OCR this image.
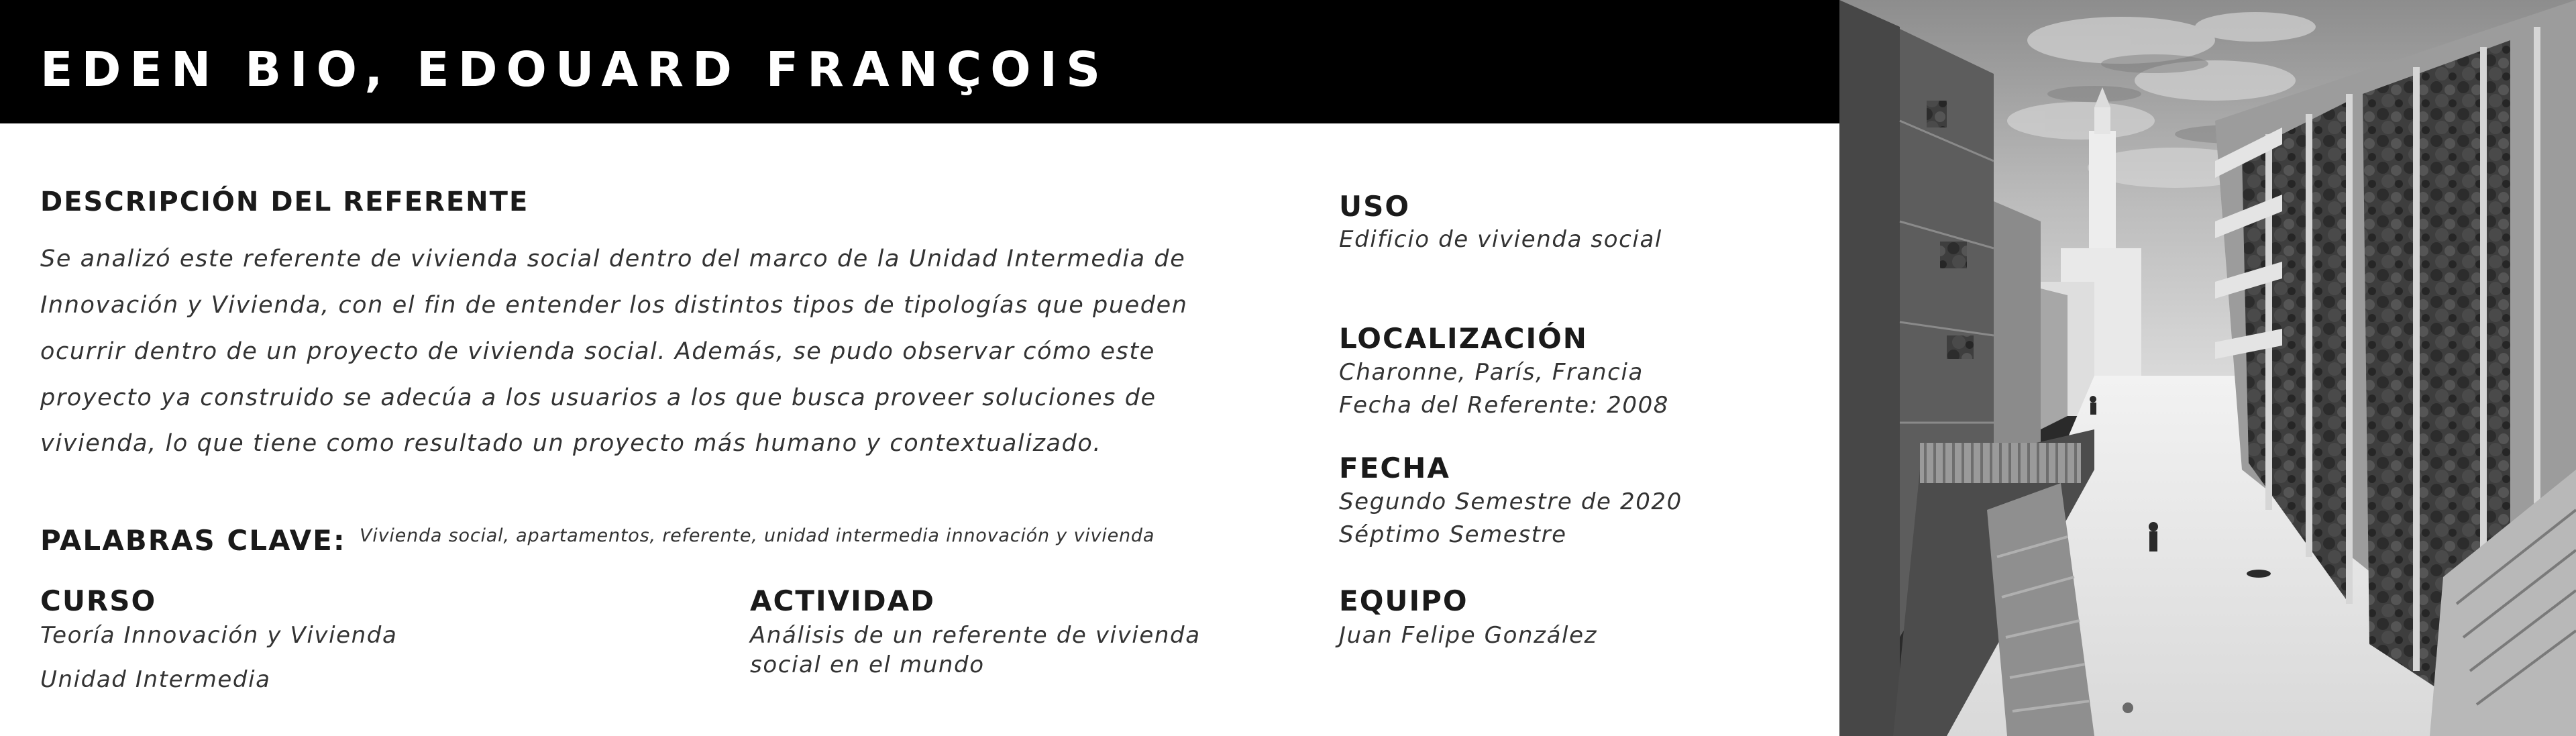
EDEN BIO, EDOUARD FRANÇOIS
DESCRIPCIÓN DEL REFERENTE
Se analizó este referente de vivienda social dentro del marco de la Unidad Intermedia de
Innovación y Vivienda, con el fin de entender los distintos tipos de tipologías que pueden
ocurrir dentro de un proyecto de vivienda social. Además, se pudo observar cómo este
proyecto ya construido se adecúa a los usuarios a los que busca proveer soluciones de
vivienda, lo que tiene como resultado un proyecto más humano y contextualizado.
PALABRAS CLAVE: Vivienda social, apartamentos, referente, unidad intermedia innovación y vivienda
CURSO
Teoría Innovación y Vivienda
Unidad Intermedia
ACTIVIDAD
Análisis de un referente de vivienda
social en el mundo
USO
Edificio de vivienda social
LOCALIZACIÓN
Charonne, París, Francia
Fecha del Referente: 2008
FECHA
Segundo Semestre de 2020
Séptimo Semestre
EQUIPO
Juan Felipe González
